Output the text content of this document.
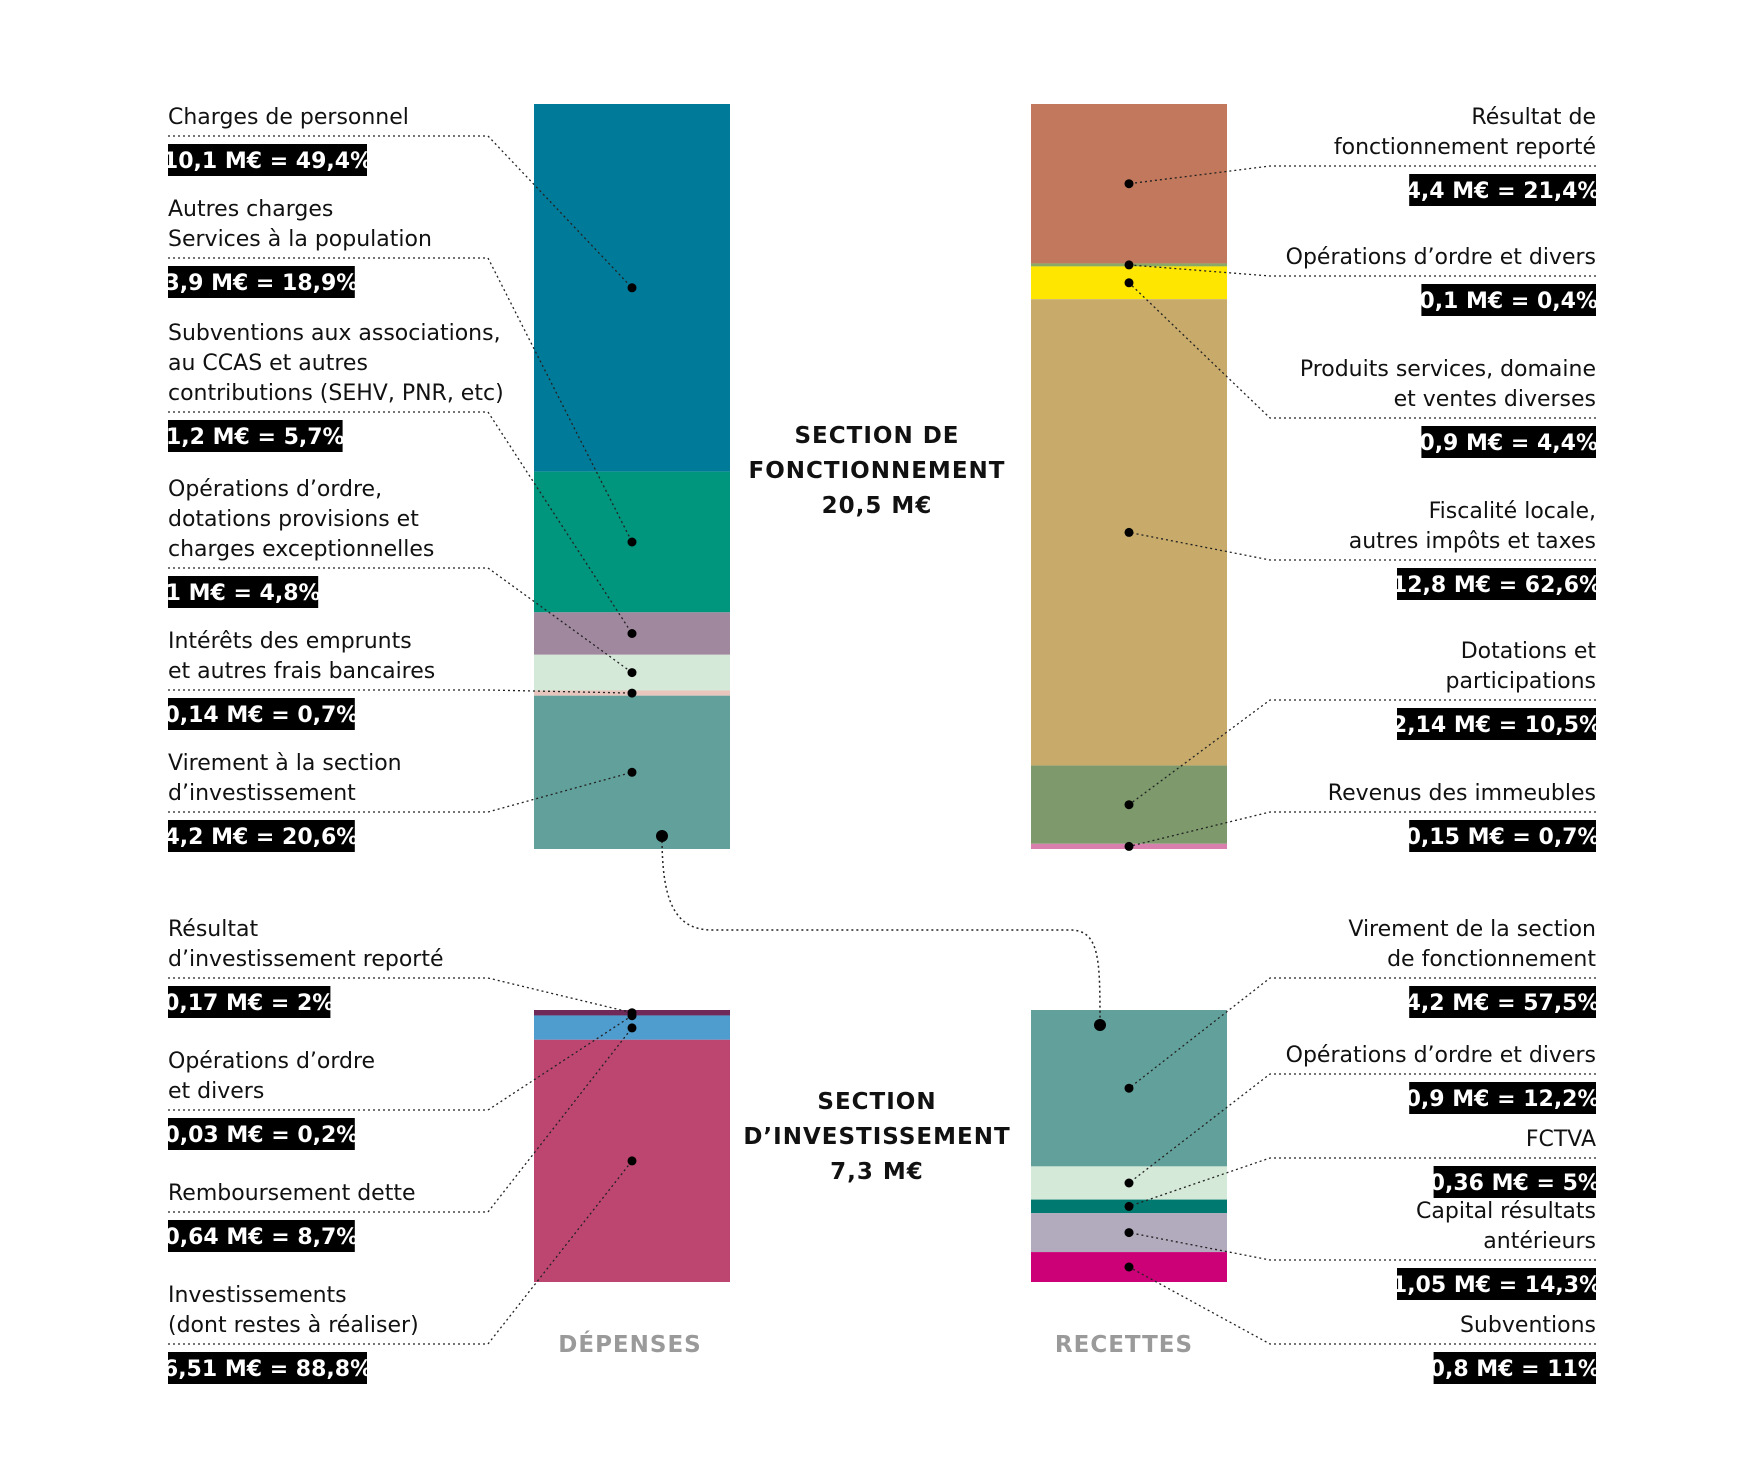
Charges de personnel
10,1 M€ = 49,4%
Autres charges
Services à la population
3,9 M€ = 18,9%
Subventions aux associations,
au CCAS et autres
contributions (SEHV, PNR, etc)
1,2 M€ = 5,7%
Opérations d’ordre,
dotations provisions et
charges exceptionnelles
1 M€ = 4,8%
Intérêts des emprunts
et autres frais bancaires
0,14 M€ = 0,7%
Virement à la section
d’investissement
4,2 M€ = 20,6%
Résultat de
fonctionnement reporté
4,4 M€ = 21,4%
Opérations d’ordre et divers
0,1 M€ = 0,4%
Produits services, domaine
et ventes diverses
0,9 M€ = 4,4%
Fiscalité locale,
autres impôts et taxes
12,8 M€ = 62,6%
Dotations et
participations
2,14 M€ = 10,5%
Revenus des immeubles
0,15 M€ = 0,7%
Résultat
d’investissement reporté
0,17 M€ = 2%
Opérations d’ordre
et divers
0,03 M€ = 0,2%
Remboursement dette
0,64 M€ = 8,7%
Investissements
(dont restes à réaliser)
6,51 M€ = 88,8%
Virement de la section
de fonctionnement
4,2 M€ = 57,5%
Opérations d’ordre et divers
0,9 M€ = 12,2%
FCTVA
0,36 M€ = 5%
Capital résultats
antérieurs
1,05 M€ = 14,3%
Subventions
0,8 M€ = 11%
SECTION DE
FONCTIONNEMENT
20,5 M€
SECTION
D’INVESTISSEMENT
7,3 M€
DÉPENSES	RECETTES
